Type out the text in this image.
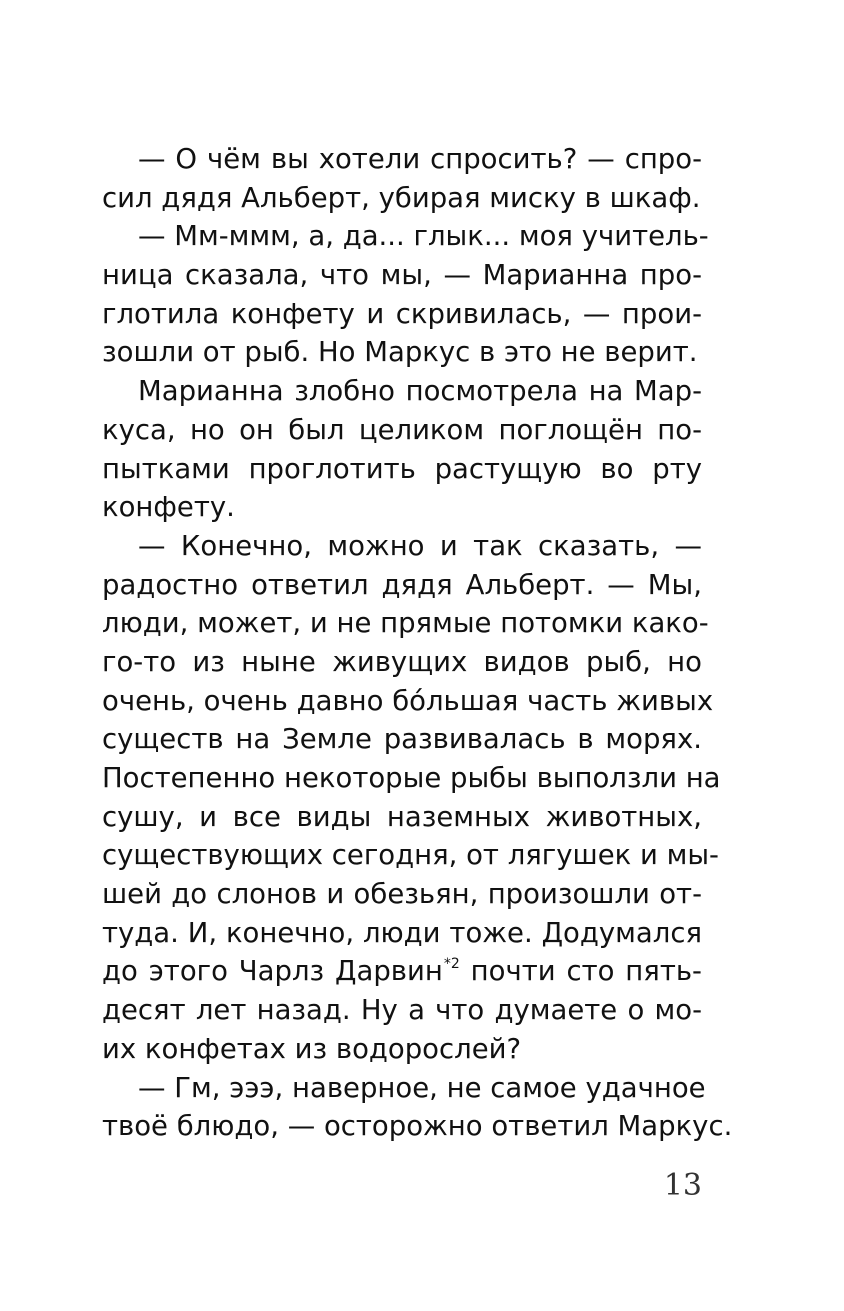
— О чём вы хотели спросить? — спро-
сил дядя Альберт, убирая миску в шкаф.
— Мм-ммм, а, да... глык... моя учитель-
ница сказала, что мы, — Марианна про-
глотила конфету и скривилась, — прои-
зошли от рыб. Но Маркус в это не верит.
Марианна злобно посмотрела на Мар-
куса, но он был целиком поглощён по-
пытками проглотить растущую во рту
конфету.
— Конечно, можно и так сказать, —
радостно ответил дядя Альберт. — Мы,
люди, может, и не прямые потомки како-
го-то из ныне живущих видов рыб, но
очень, очень давно бóльшая часть живых
существ на Земле развивалась в морях.
Постепенно некоторые рыбы выползли на
сушу, и все виды наземных животных,
существующих сегодня, от лягушек и мы-
шей до слонов и обезьян, произошли от-
туда. И, конечно, люди тоже. Додумался
до этого Чарлз Дарвин$^{*2}$ почти сто пять-
десят лет назад. Ну а что думаете о мо-
их конфетах из водорослей?
— Гм, эээ, наверное, не самое удачное
твоё блюдо, — осторожно ответил Маркус.
13
